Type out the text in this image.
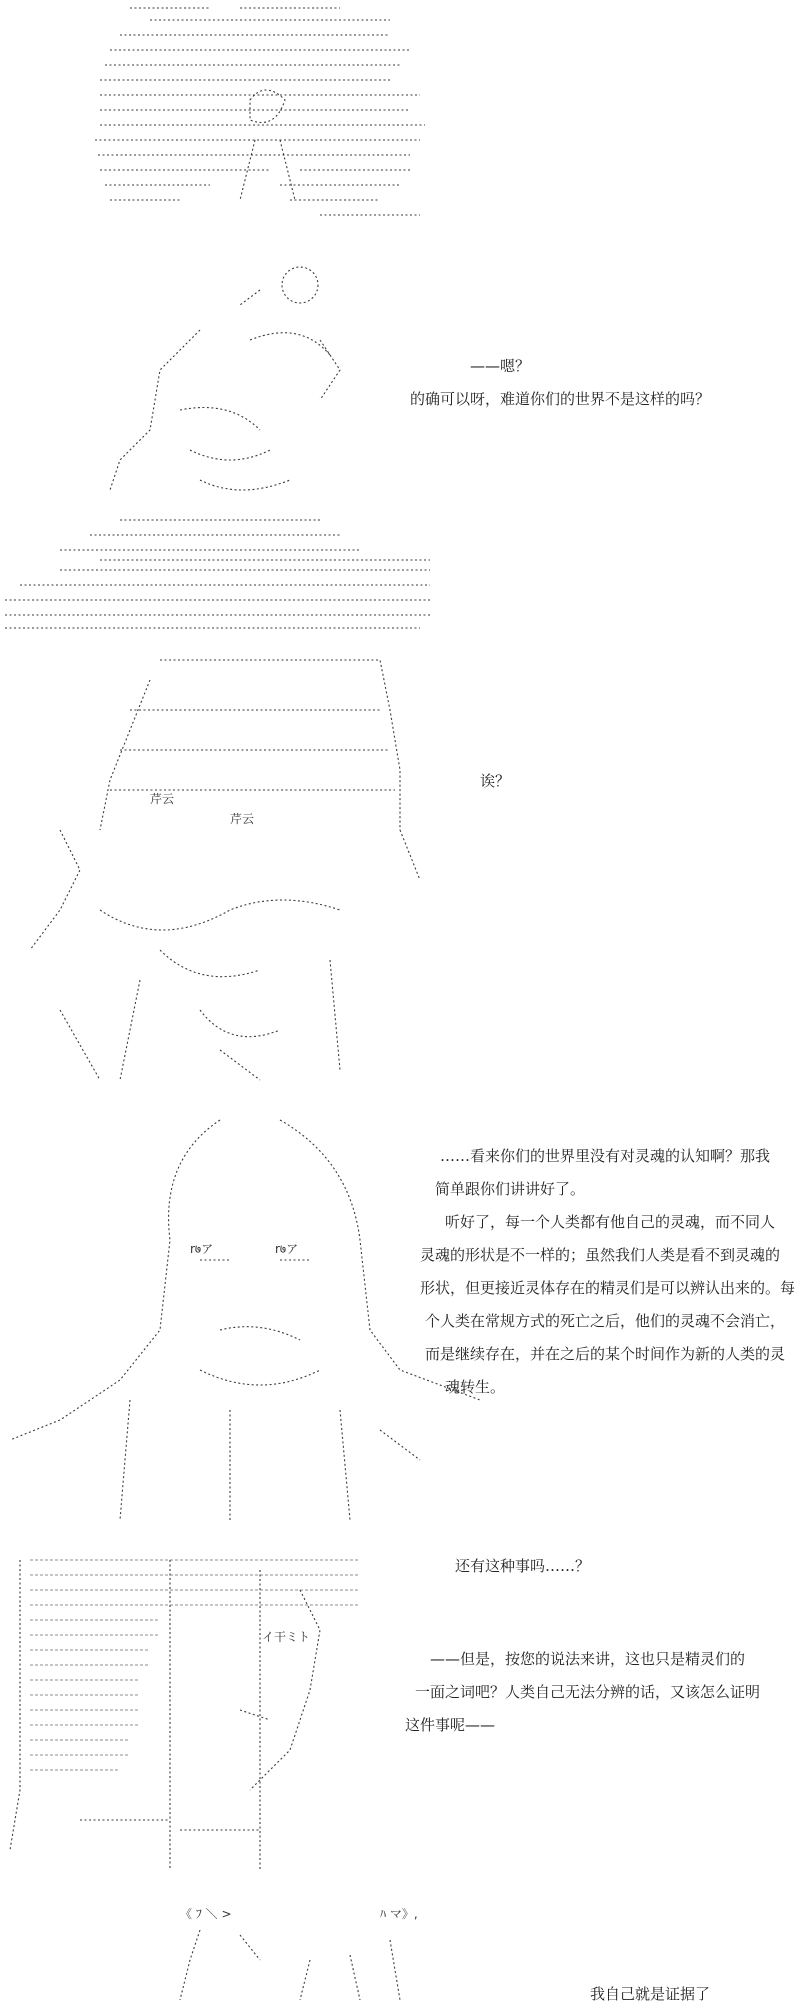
——嗯？
的确可以呀，难道你们的世界不是这样的吗？
芹云
芹云
诶？
r७ア	r७ア
……看来你们的世界里没有对灵魂的认知啊？那我
简单跟你们讲讲好了。
听好了，每一个人类都有他自己的灵魂，而不同人
灵魂的形状是不一样的；虽然我们人类是看不到灵魂的
形状，但更接近灵体存在的精灵们是可以辨认出来的。每
个人类在常规方式的死亡之后，他们的灵魂不会消亡，
而是继续存在，并在之后的某个时间作为新的人类的灵
魂转生。
イ干ミト
还有这种事吗……？
——但是，按您的说法来讲，这也只是精灵们的
一面之词吧？人类自己无法分辨的话，又该怎么证明
这件事呢——
《 ﾌ ＼ >	ﾊ マ》,
我自己就是证据了
